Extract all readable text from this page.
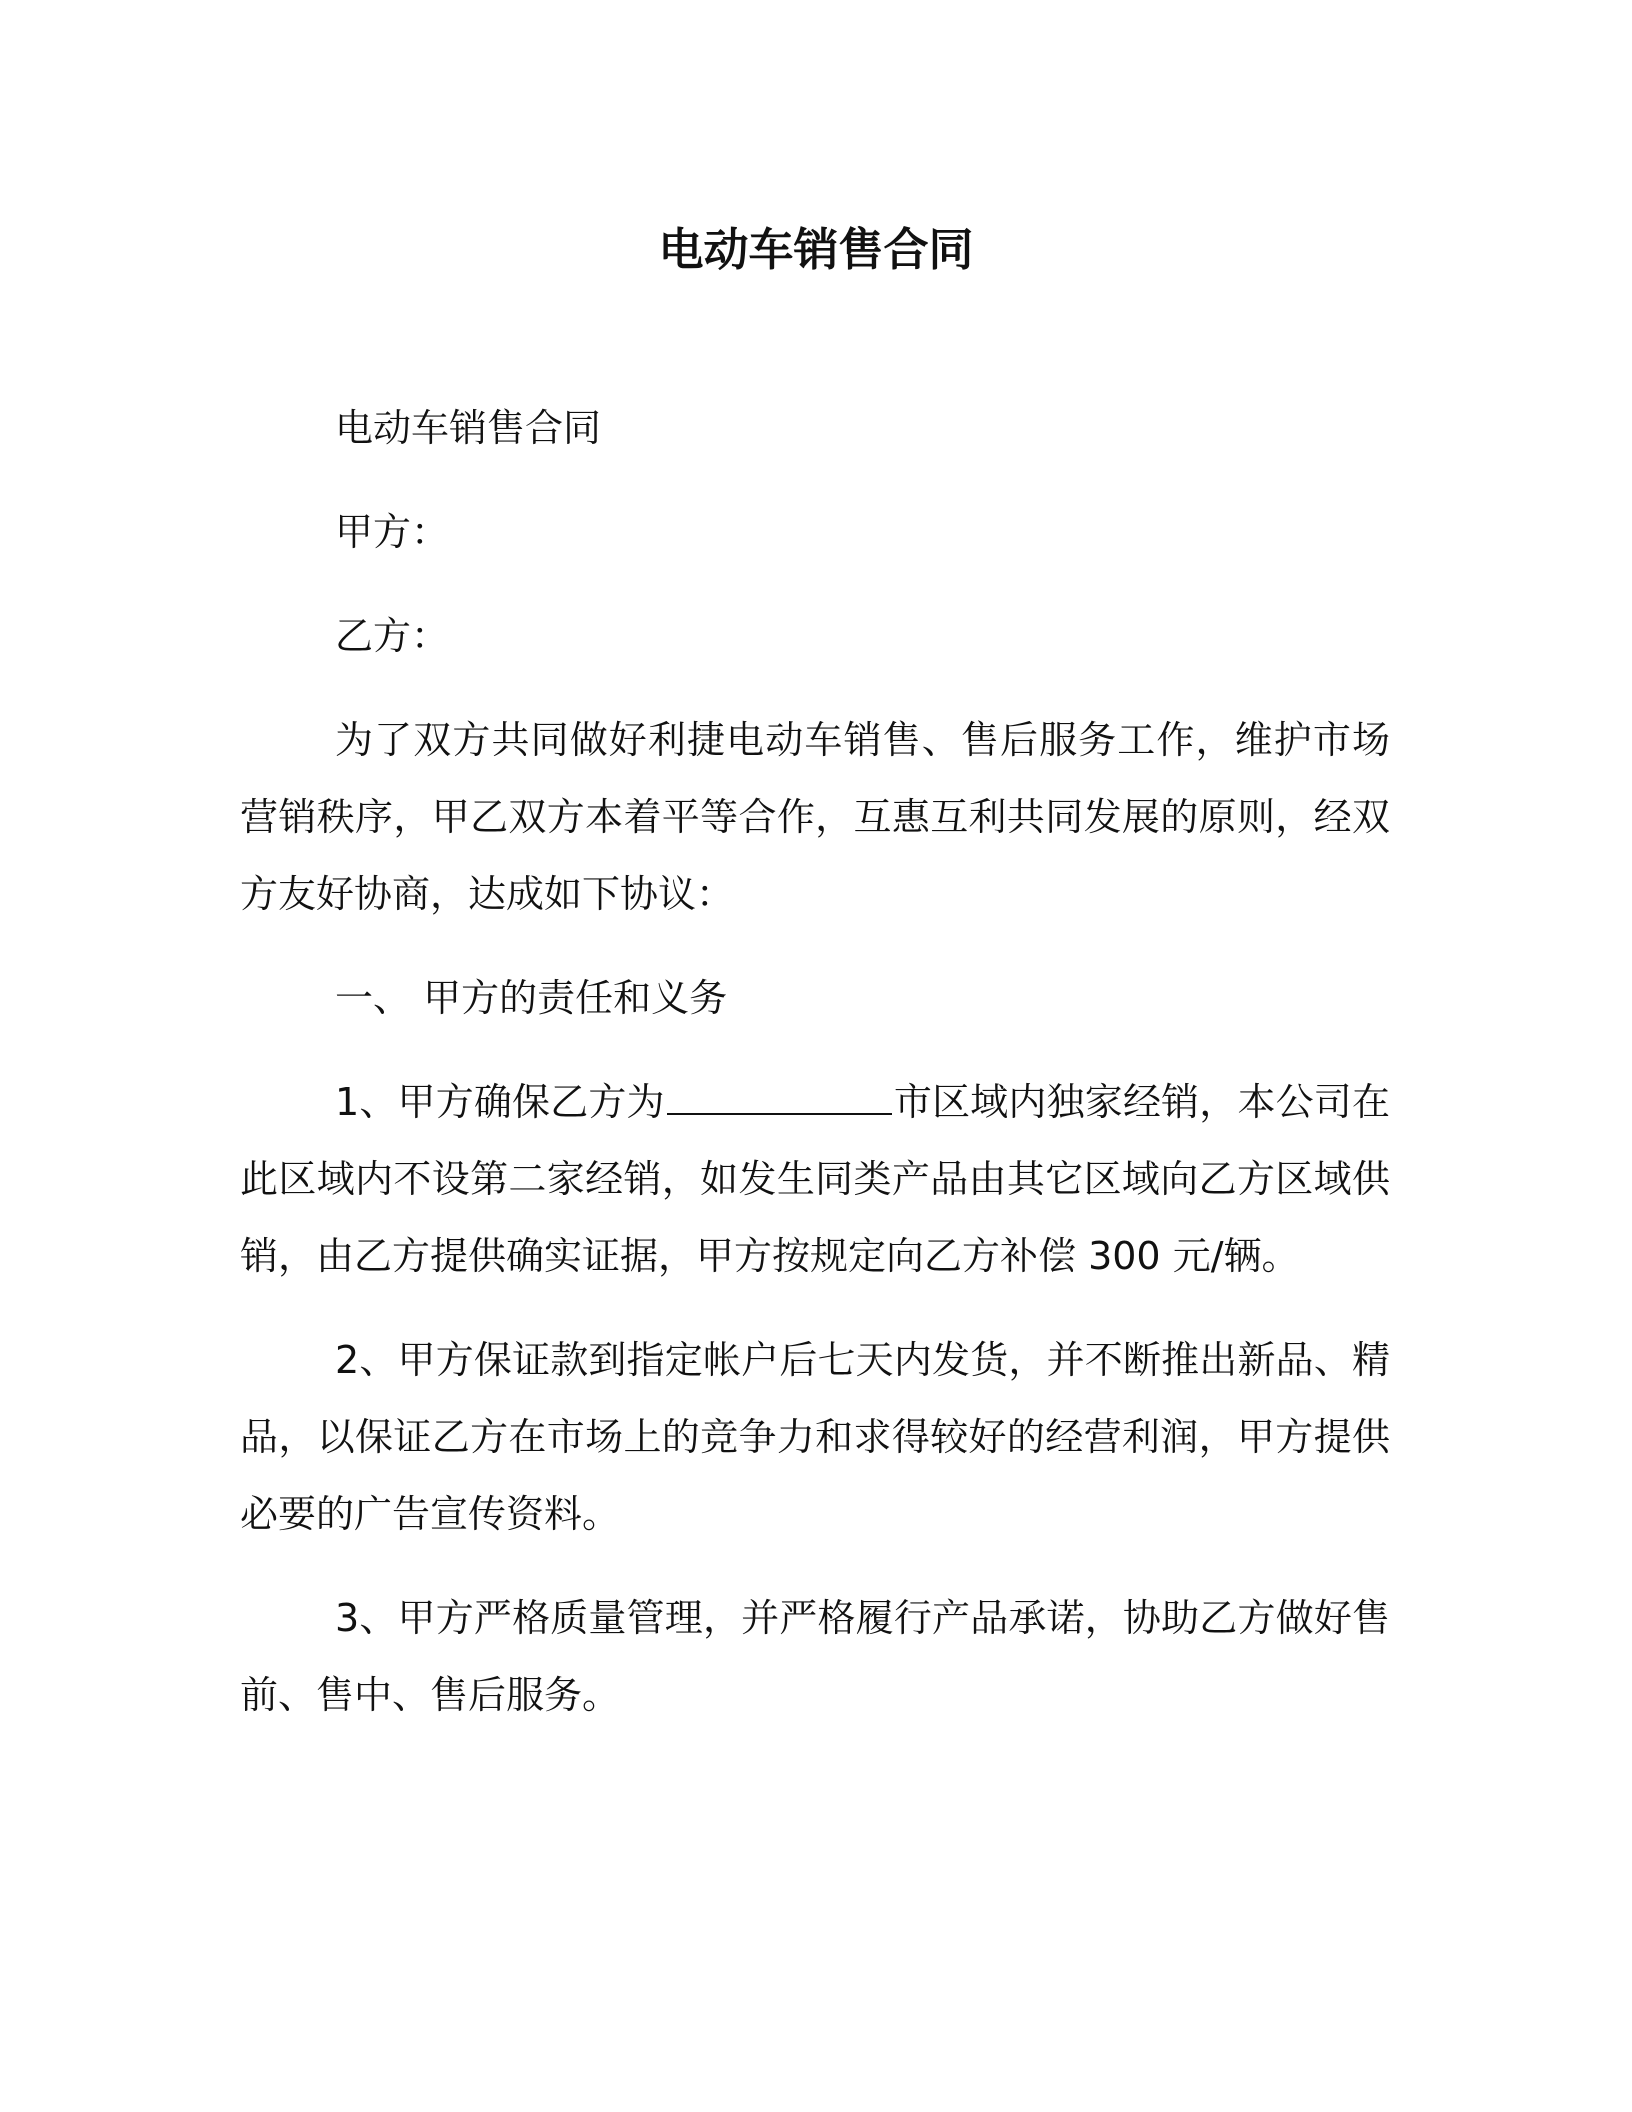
电动车销售合同

电动车销售合同

甲方：

乙方：

为了双方共同做好利捷电动车销售、售后服务工作，维护市场营销秩序，甲乙双方本着平等合作，互惠互利共同发展的原则，经双方友好协商，达成如下协议：

一、 甲方的责任和义务

1、甲方确保乙方为	市区域内独家经销，本公司在此区域内不设第二家经销，如发生同类产品由其它区域向乙方区域供销，由乙方提供确实证据，甲方按规定向乙方补偿 300 元/辆。

2、甲方保证款到指定帐户后七天内发货，并不断推出新品、精品，以保证乙方在市场上的竞争力和求得较好的经营利润，甲方提供必要的广告宣传资料。

3、甲方严格质量管理，并严格履行产品承诺，协助乙方做好售前、售中、售后服务。
